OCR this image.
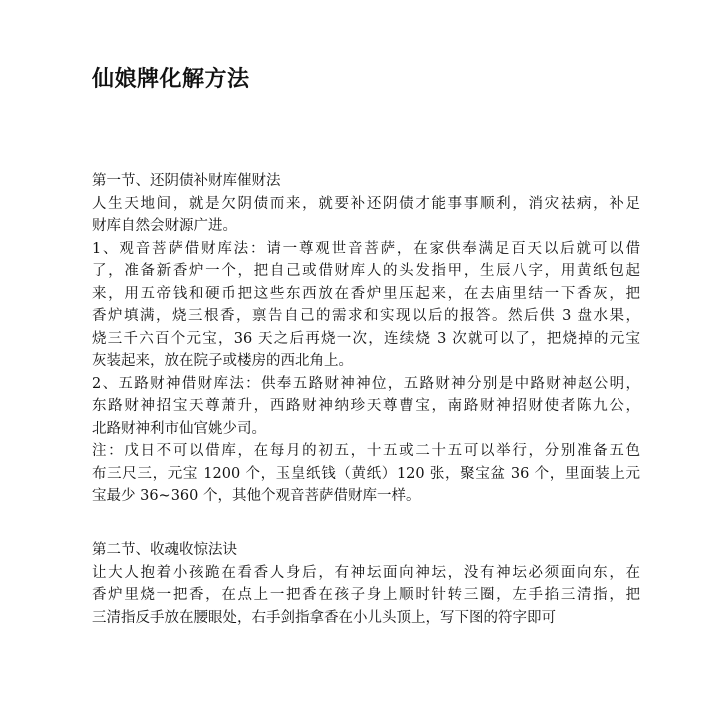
仙娘牌化解方法
第一节、还阴债补财库催财法
人生天地间，就是欠阴债而来，就要补还阴债才能事事顺利，消灾祛病，补足
财库自然会财源广进。
1、观音菩萨借财库法：请一尊观世音菩萨，在家供奉满足百天以后就可以借
了，准备新香炉一个，把自己或借财库人的头发指甲，生辰八字，用黄纸包起
来，用五帝钱和硬币把这些东西放在香炉里压起来，在去庙里结一下香灰，把
香炉填满，烧三根香，禀告自己的需求和实现以后的报答。然后供 3 盘水果，
烧三千六百个元宝，36 天之后再烧一次，连续烧 3 次就可以了，把烧掉的元宝
灰装起来，放在院子或楼房的西北角上。
2、五路财神借财库法：供奉五路财神神位，五路财神分别是中路财神赵公明，
东路财神招宝天尊萧升，西路财神纳珍天尊曹宝，南路财神招财使者陈九公，
北路财神利市仙官姚少司。
注：戊日不可以借库，在每月的初五，十五或二十五可以举行，分别准备五色
布三尺三，元宝 1200 个，玉皇纸钱（黄纸）120 张，聚宝盆 36 个，里面装上元
宝最少 36~360 个，其他个观音菩萨借财库一样。
第二节、收魂收惊法诀
让大人抱着小孩跪在看香人身后，有神坛面向神坛，没有神坛必须面向东，在
香炉里烧一把香，在点上一把香在孩子身上顺时针转三圈，左手掐三清指，把
三清指反手放在腰眼处，右手剑指拿香在小儿头顶上，写下图的符字即可
